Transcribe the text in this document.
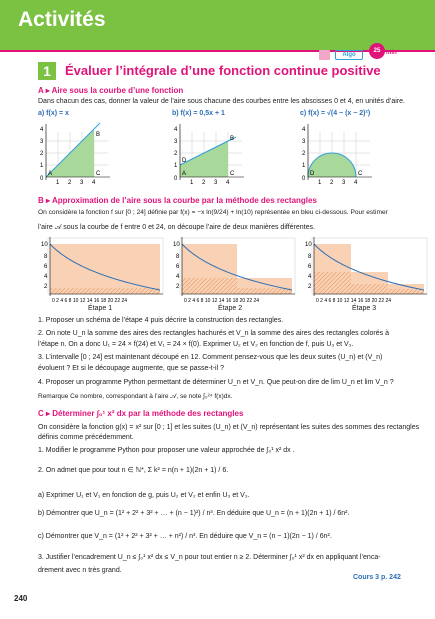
Activités
Algo
25 min
1	Évaluer l’intégrale d’une fonction continue positive
A ▸ Aire sous la courbe d’une fonction
Dans chacun des cas, donner la valeur de l’aire sous chacune des courbes entre les abscisses 0 et 4, en unités d’aire.
a) f(x) = x	b) f(x) = 0,5x + 1	c) f(x) = √(4 − (x − 2)²)
0
1 2 3 4
1
2
3
4
B
C
A
0
1 2 3 4
1
2
3
4
B
C
D
A
0
1 2 3 4
1
2
3
4
C
D
B ▸ Approximation de l’aire sous la courbe par la méthode des rectangles
On considère la fonction f sur [0 ; 24] définie par f(x) = −x ln(9/24) + ln(10) représentée en bleu ci-dessous. Pour estimer
l’aire 𝒜 sous la courbe de f entre 0 et 24, on découpe l’aire de deux manières différentes.
10
8
6
4
2
0 2 4 6 8 10 12 14 16 18 20 22 24
10
8
6
4
2
0 2 4 6 8 10 12 14 16 18 20 22 24
10
8
6
4
2
0 2 4 6 8 10 12 14 16 18 20 22 24
Étape 1	Étape 2	Étape 3
1. Proposer un schéma de l’étape 4 puis décrire la construction des rectangles.
2. On note U_n la somme des aires des rectangles hachurés et V_n la somme des aires des rectangles colorés à
l’étape n. On a donc U₁ = 24 × f(24) et V₁ = 24 × f(0). Exprimer U₂ et V₂ en fonction de f, puis U₃ et V₃.
3. L’intervalle [0 ; 24] est maintenant découpé en 12. Comment pensez-vous que les deux suites (U_n) et (V_n)
évoluent ? Et si le découpage augmente, que se passe-t-il ?
4. Proposer un programme Python permettant de déterminer U_n et V_n. Que peut-on dire de lim U_n et lim V_n ?
Remarque Ce nombre, correspondant à l’aire 𝒜, se note ∫₀²⁴ f(x)dx.
C ▸ Déterminer ∫₀¹ x² dx par la méthode des rectangles
On considère la fonction g(x) = x² sur [0 ; 1] et les suites (U_n) et (V_n) représentant les suites des sommes des rectangles
définis comme précédemment.
1. Modifier le programme Python pour proposer une valeur approchée de ∫₀¹ x² dx .
2. On admet que pour tout n ∈ ℕ*, Σ k² = n(n + 1)(2n + 1) / 6.
a) Exprimer U₁ et V₁ en fonction de g, puis U₂ et V₂ et enfin U₃ et V₃.
b) Démontrer que U_n = (1² + 2² + 3² + … + (n − 1)²) / n³. En déduire que U_n = (n + 1)(2n + 1) / 6n².
c) Démontrer que V_n = (1² + 2² + 3² + … + n²) / n³. En déduire que V_n = (n − 1)(2n − 1) / 6n².
3. Justifier l’encadrement U_n ≤ ∫₀¹ x² dx ≤ V_n pour tout entier n ≥ 2. Déterminer ∫₀¹ x² dx en appliquant l’enca-
drement avec n très grand.
Cours 3 p. 242
240
